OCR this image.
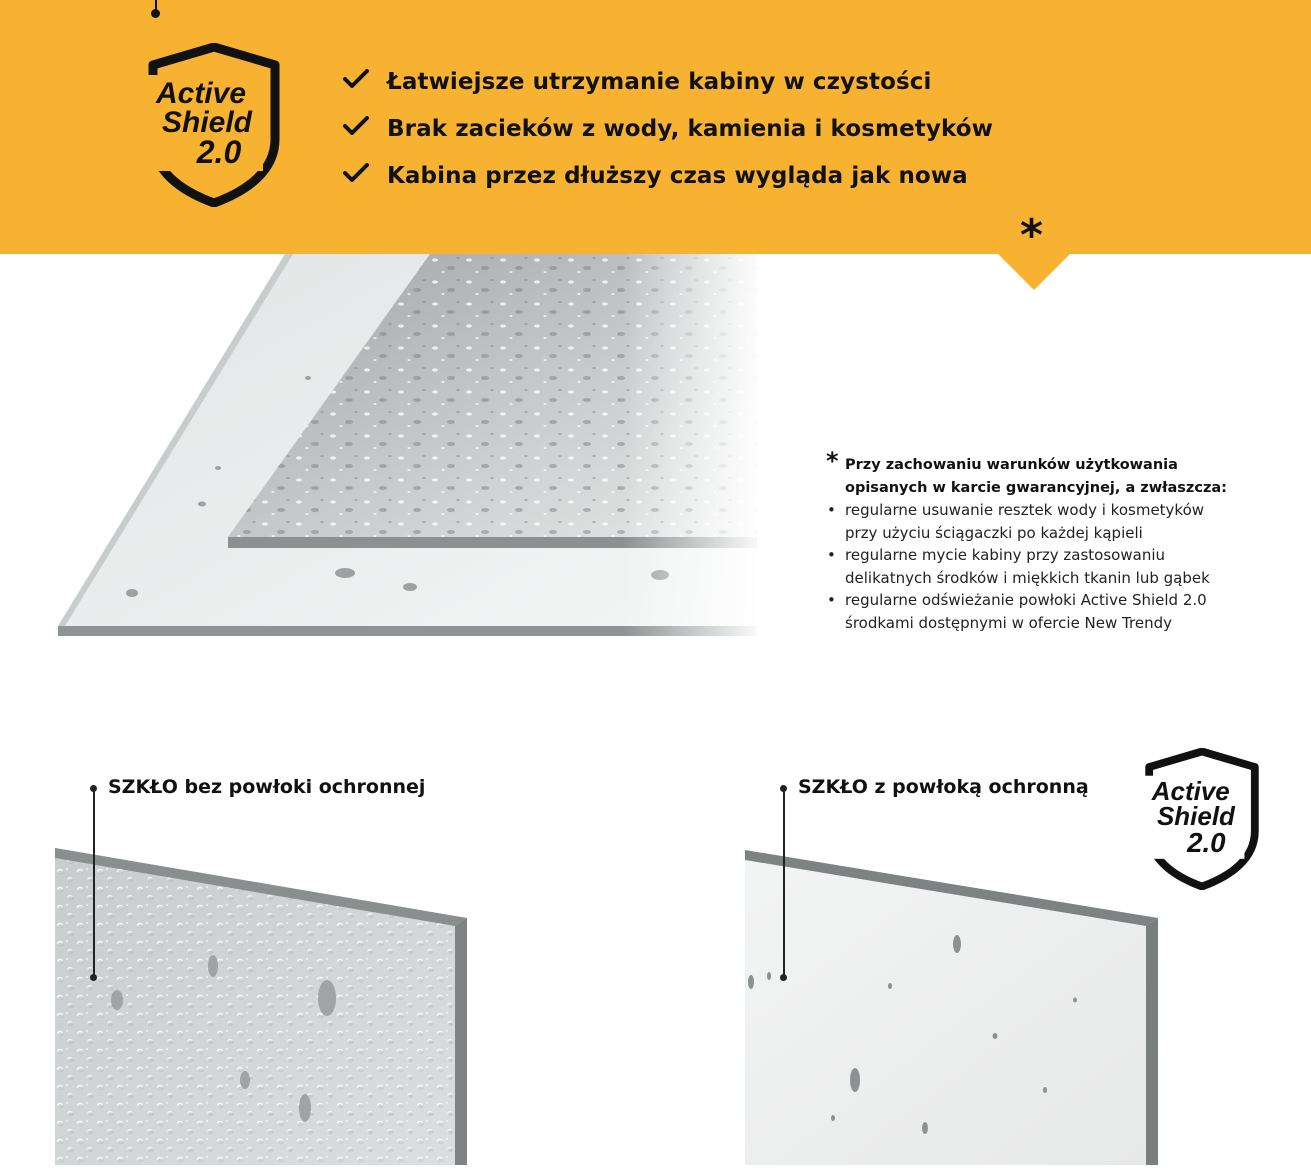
*
Active
Shield
2.0
Łatwiejsze utrzymanie kabiny w czystości
Brak zacieków z wody, kamienia i kosmetyków
Kabina przez dłuższy czas wygląda jak nowa
* Przy zachowaniu warunków użytkowania
opisanych w karcie gwarancyjnej, a zwłaszcza:
• regularne usuwanie resztek wody i kosmetyków
przy użyciu ściągaczki po każdej kąpieli
• regularne mycie kabiny przy zastosowaniu
delikatnych środków i miękkich tkanin lub gąbek
• regularne odświeżanie powłoki Active Shield 2.0
środkami dostępnymi w ofercie New Trendy
SZKŁO bez powłoki ochronnej	SZKŁO z powłoką ochronną Active
Shield
2.0
